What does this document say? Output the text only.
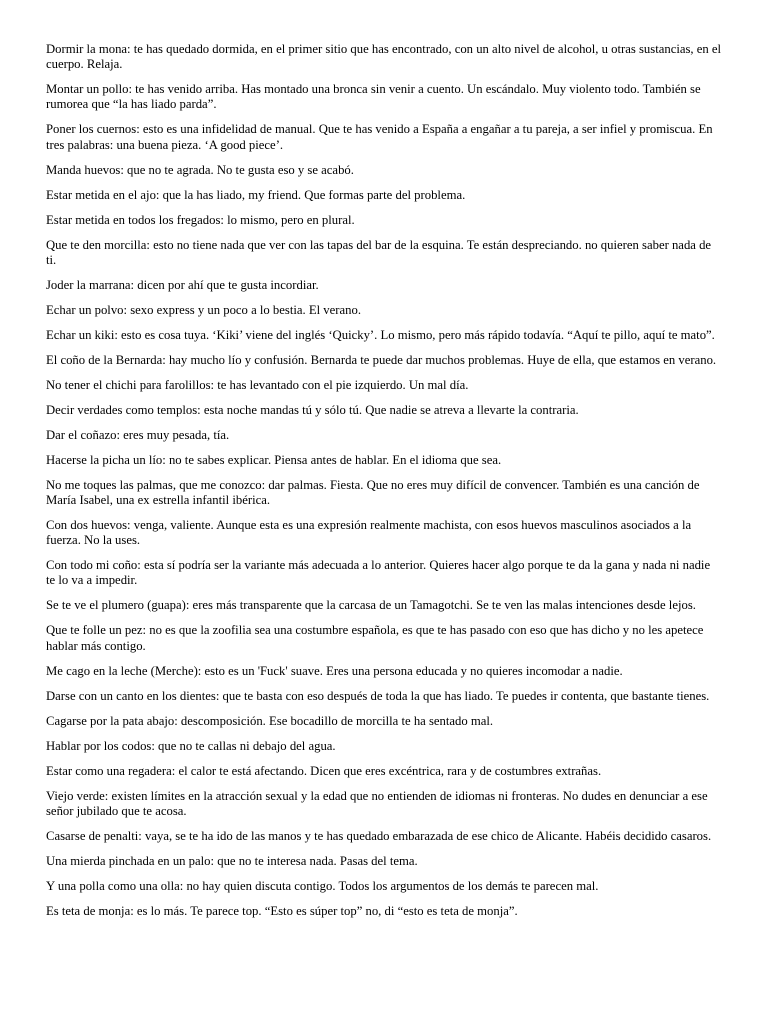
Dormir la mona: te has quedado dormida, en el primer sitio que has encontrado, con un alto nivel de alcohol, u otras sustancias, en el cuerpo. Relaja.

Montar un pollo: te has venido arriba. Has montado una bronca sin venir a cuento. Un escándalo. Muy violento todo. También se rumorea que “la has liado parda”.

Poner los cuernos: esto es una infidelidad de manual. Que te has venido a España a engañar a tu pareja, a ser infiel y promiscua. En tres palabras: una buena pieza. ‘A good piece’.

Manda huevos: que no te agrada. No te gusta eso y se acabó.

Estar metida en el ajo: que la has liado, my friend. Que formas parte del problema.

Estar metida en todos los fregados: lo mismo, pero en plural.

Que te den morcilla: esto no tiene nada que ver con las tapas del bar de la esquina. Te están despreciando. no quieren saber nada de ti.

Joder la marrana: dicen por ahí que te gusta incordiar.

Echar un polvo: sexo express y un poco a lo bestia. El verano.

Echar un kiki: esto es cosa tuya. ‘Kiki’ viene del inglés ‘Quicky’. Lo mismo, pero más rápido todavía. “Aquí te pillo, aquí te mato”.

El coño de la Bernarda: hay mucho lío y confusión. Bernarda te puede dar muchos problemas. Huye de ella, que estamos en verano.

No tener el chichi para farolillos: te has levantado con el pie izquierdo. Un mal día.

Decir verdades como templos: esta noche mandas tú y sólo tú. Que nadie se atreva a llevarte la contraria.

Dar el coñazo: eres muy pesada, tía.

Hacerse la picha un lío: no te sabes explicar. Piensa antes de hablar. En el idioma que sea.

No me toques las palmas, que me conozco: dar palmas. Fiesta. Que no eres muy difícil de convencer. También es una canción de María Isabel, una ex estrella infantil ibérica.

Con dos huevos: venga, valiente. Aunque esta es una expresión realmente machista, con esos huevos masculinos asociados a la fuerza. No la uses.

Con todo mi coño: esta sí podría ser la variante más adecuada a lo anterior. Quieres hacer algo porque te da la gana y nada ni nadie te lo va a impedir.

Se te ve el plumero (guapa): eres más transparente que la carcasa de un Tamagotchi. Se te ven las malas intenciones desde lejos.

Que te folle un pez: no es que la zoofilia sea una costumbre española, es que te has pasado con eso que has dicho y no les apetece hablar más contigo.

Me cago en la leche (Merche): esto es un 'Fuck' suave. Eres una persona educada y no quieres incomodar a nadie.

Darse con un canto en los dientes: que te basta con eso después de toda la que has liado. Te puedes ir contenta, que bastante tienes.

Cagarse por la pata abajo: descomposición. Ese bocadillo de morcilla te ha sentado mal.

Hablar por los codos: que no te callas ni debajo del agua.

Estar como una regadera: el calor te está afectando. Dicen que eres excéntrica, rara y de costumbres extrañas.

Viejo verde: existen límites en la atracción sexual y la edad que no entienden de idiomas ni fronteras. No dudes en denunciar a ese señor jubilado que te acosa.

Casarse de penalti: vaya, se te ha ido de las manos y te has quedado embarazada de ese chico de Alicante. Habéis decidido casaros.

Una mierda pinchada en un palo: que no te interesa nada. Pasas del tema.

Y una polla como una olla: no hay quien discuta contigo. Todos los argumentos de los demás te parecen mal.

Es teta de monja: es lo más. Te parece top. “Esto es súper top” no, di “esto es teta de monja”.
